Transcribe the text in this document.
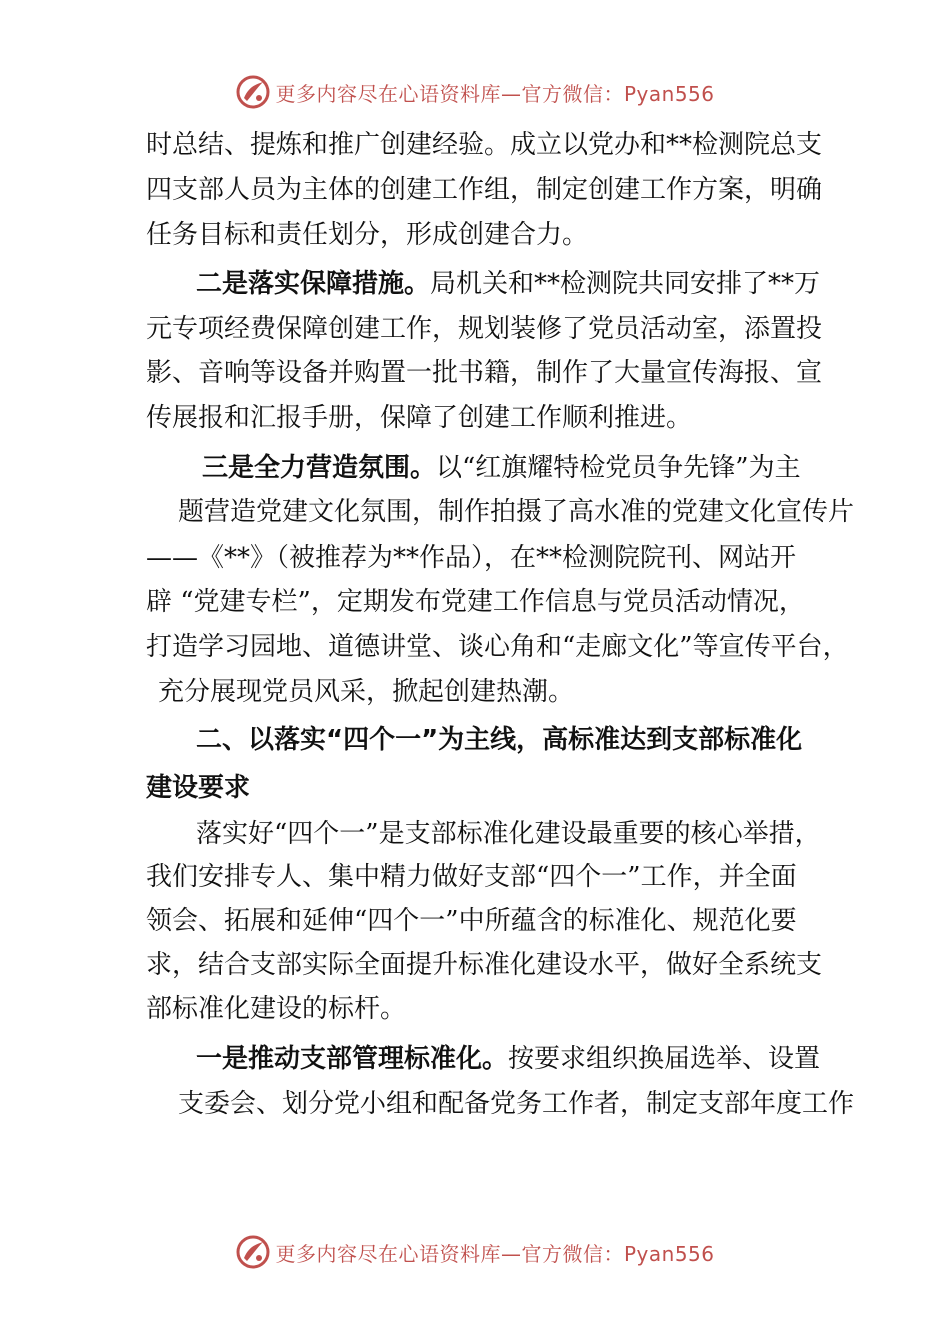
更多内容尽在心语资料库—官方微信：Pyan556
时总结、提炼和推广创建经验。成立以党办和**检测院总支
四支部人员为主体的创建工作组，制定创建工作方案，明确
任务目标和责任划分，形成创建合力。
二是落实保障措施。局机关和**检测院共同安排了**万
元专项经费保障创建工作，规划装修了党员活动室，添置投
影、音响等设备并购置一批书籍，制作了大量宣传海报、宣
传展报和汇报手册，保障了创建工作顺利推进。
三是全力营造氛围。以“红旗耀特检党员争先锋”为主
题营造党建文化氛围，制作拍摄了高水准的党建文化宣传片
——《**》（被推荐为**作品），在**检测院院刊、网站开
辟 “党建专栏”，定期发布党建工作信息与党员活动情况，
打造学习园地、道德讲堂、谈心角和“走廊文化”等宣传平台，
充分展现党员风采，掀起创建热潮。
二、以落实“四个一”为主线，高标准达到支部标准化
建设要求
落实好“四个一”是支部标准化建设最重要的核心举措，
我们安排专人、集中精力做好支部“四个一”工作，并全面
领会、拓展和延伸“四个一”中所蕴含的标准化、规范化要
求，结合支部实际全面提升标准化建设水平，做好全系统支
部标准化建设的标杆。
一是推动支部管理标准化。按要求组织换届选举、设置
支委会、划分党小组和配备党务工作者，制定支部年度工作
更多内容尽在心语资料库—官方微信：Pyan556
